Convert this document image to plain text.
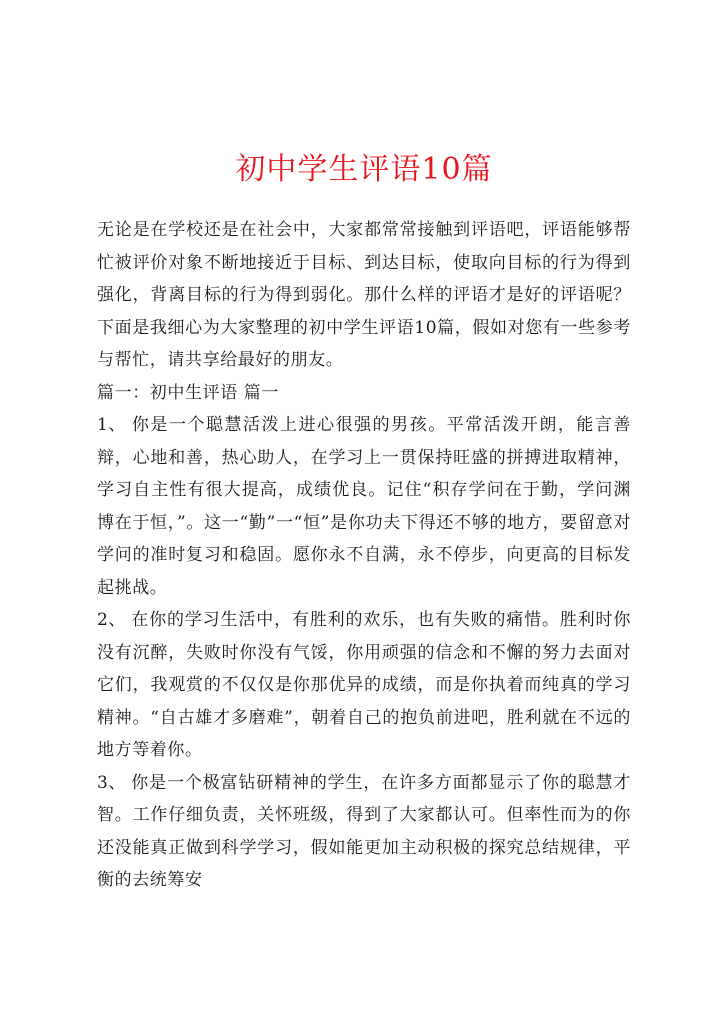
初中学生评语10篇

无论是在学校还是在社会中，大家都常常接触到评语吧，评语能够帮忙被评价对象不断地接近于目标、到达目标，使取向目标的行为得到强化，背离目标的行为得到弱化。那什么样的评语才是好的评语呢？下面是我细心为大家整理的初中学生评语10篇，假如对您有一些参考与帮忙，请共享给最好的朋友。

篇一：初中生评语 篇一

1、 你是一个聪慧活泼上进心很强的男孩。平常活泼开朗，能言善辩，心地和善，热心助人，在学习上一贯保持旺盛的拼搏进取精神，学习自主性有很大提高，成绩优良。记住“积存学问在于勤，学问渊博在于恒，”。这一“勤”一“恒”是你功夫下得还不够的地方，要留意对学问的准时复习和稳固。愿你永不自满，永不停步，向更高的目标发起挑战。

2、 在你的学习生活中，有胜利的欢乐，也有失败的痛惜。胜利时你没有沉醉，失败时你没有气馁，你用顽强的信念和不懈的努力去面对它们，我观赏的不仅仅是你那优异的成绩，而是你执着而纯真的学习精神。“自古雄才多磨难”，朝着自己的抱负前进吧，胜利就在不远的地方等着你。

3、 你是一个极富钻研精神的学生，在许多方面都显示了你的聪慧才智。工作仔细负责，关怀班级，得到了大家都认可。但率性而为的你还没能真正做到科学学习，假如能更加主动积极的探究总结规律，平衡的去统筹安
